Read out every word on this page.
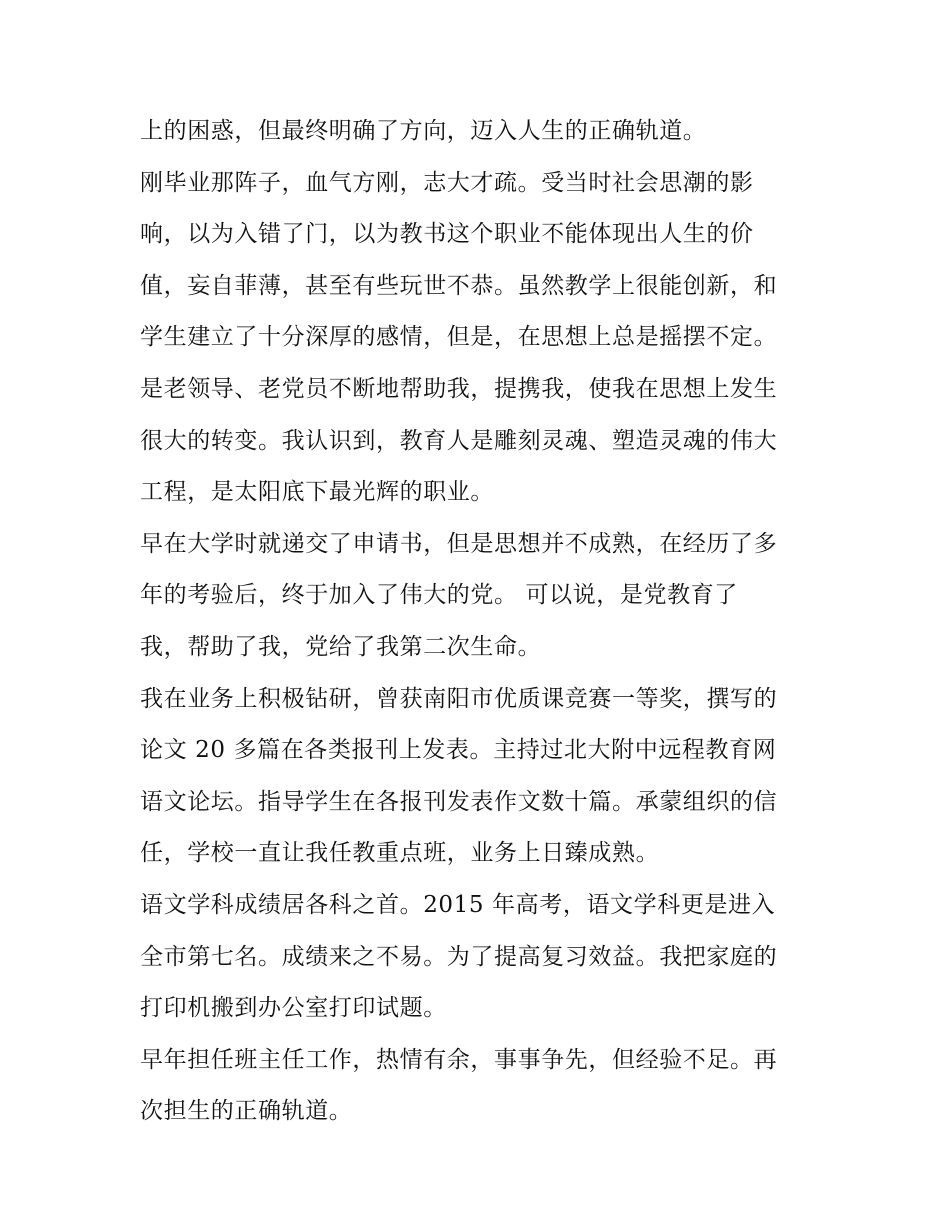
上的困惑，但最终明确了方向，迈入人生的正确轨道。
刚毕业那阵子，血气方刚，志大才疏。受当时社会思潮的影
响，以为入错了门，以为教书这个职业不能体现出人生的价
值，妄自菲薄，甚至有些玩世不恭。虽然教学上很能创新，和
学生建立了十分深厚的感情，但是，在思想上总是摇摆不定。
是老领导、老党员不断地帮助我，提携我，使我在思想上发生
很大的转变。我认识到，教育人是雕刻灵魂、塑造灵魂的伟大
工程，是太阳底下最光辉的职业。
早在大学时就递交了申请书，但是思想并不成熟，在经历了多
年的考验后，终于加入了伟大的党。 可以说，是党教育了
我，帮助了我，党给了我第二次生命。
我在业务上积极钻研，曾获南阳市优质课竞赛一等奖，撰写的
论文 20 多篇在各类报刊上发表。主持过北大附中远程教育网
语文论坛。指导学生在各报刊发表作文数十篇。承蒙组织的信
任，学校一直让我任教重点班，业务上日臻成熟。
语文学科成绩居各科之首。2015 年高考，语文学科更是进入
全市第七名。成绩来之不易。为了提高复习效益。我把家庭的
打印机搬到办公室打印试题。
早年担任班主任工作，热情有余，事事争先，但经验不足。再
次担生的正确轨道。
